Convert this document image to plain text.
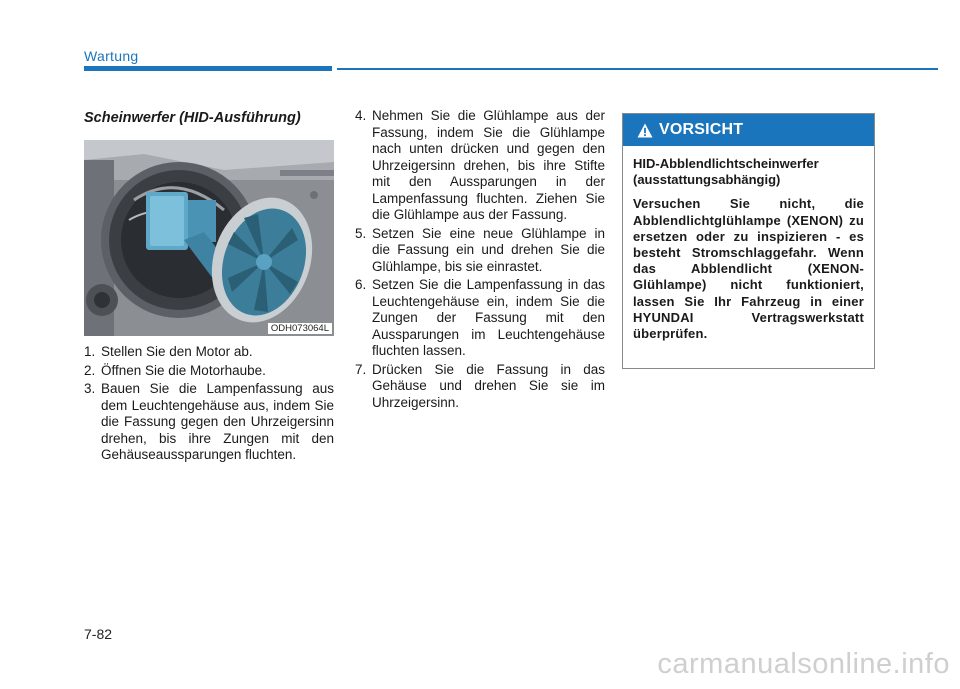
Wartung
Scheinwerfer (HID-Ausführung)
ODH073064L
1. Stellen Sie den Motor ab.
2. Öffnen Sie die Motorhaube.
3. Bauen Sie die Lampenfassung aus dem Leuchtengehäuse aus, indem Sie die Fassung gegen den Uhrzeigersinn drehen, bis ihre Zungen mit den Gehäuseaussparungen fluchten.
4. Nehmen Sie die Glühlampe aus der Fassung, indem Sie die Glühlampe nach unten drücken und gegen den Uhrzeigersinn drehen, bis ihre Stifte mit den Aussparungen in der Lampenfassung fluchten. Ziehen Sie die Glühlampe aus der Fassung.
5. Setzen Sie eine neue Glühlampe in die Fassung ein und drehen Sie die Glühlampe, bis sie einrastet.
6. Setzen Sie die Lampenfassung in das Leuchtengehäuse ein, indem Sie die Zungen der Fassung mit den Aussparungen im Leuchtengehäuse fluchten lassen.
7. Drücken Sie die Fassung in das Gehäuse und drehen Sie sie im Uhrzeigersinn.
VORSICHT

HID-Abblendlichtscheinwerfer (ausstattungsabhängig)

Versuchen Sie nicht, die Abblendlichtglühlampe (XENON) zu ersetzen oder zu inspizieren - es besteht Stromschlaggefahr. Wenn das Abblendlicht (XENON-Glühlampe) nicht funktioniert, lassen Sie Ihr Fahrzeug in einer HYUNDAI Vertragswerkstatt überprüfen.

7-82
carmanualsonline.info
